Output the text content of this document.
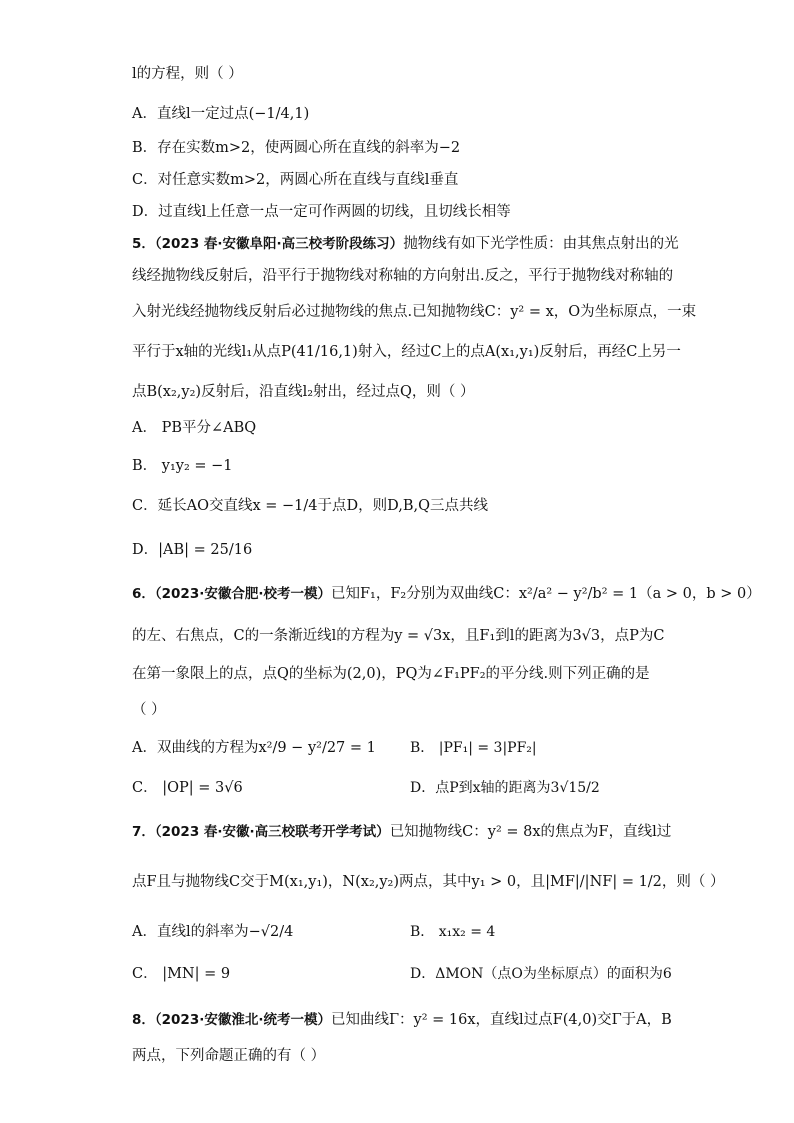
l的方程，则（ ）
A．直线l一定过点(−1/4,1)
B．存在实数m>2，使两圆心所在直线的斜率为−2
C．对任意实数m>2，两圆心所在直线与直线l垂直
D．过直线l上任意一点一定可作两圆的切线，且切线长相等
5．（2023 春·安徽阜阳·高三校考阶段练习）抛物线有如下光学性质：由其焦点射出的光
线经抛物线反射后，沿平行于抛物线对称轴的方向射出.反之，平行于抛物线对称轴的
入射光线经抛物线反射后必过抛物线的焦点.已知抛物线C：y² = x，O为坐标原点，一束
平行于x轴的光线l₁从点P(41/16,1)射入，经过C上的点A(x₁,y₁)反射后，再经C上另一
点B(x₂,y₂)反射后，沿直线l₂射出，经过点Q，则（ ）
A． PB平分∠ABQ
B． y₁y₂ = −1
C．延长AO交直线x = −1/4于点D，则D,B,Q三点共线
D．|AB| = 25/16
6．（2023·安徽合肥·校考一模）已知F₁，F₂分别为双曲线C：x²/a² − y²/b² = 1（a > 0，b > 0）
的左、右焦点，C的一条渐近线l的方程为y = √3x，且F₁到l的距离为3√3，点P为C
在第一象限上的点，点Q的坐标为(2,0)，PQ为∠F₁PF₂的平分线.则下列正确的是
（ ）
A．双曲线的方程为x²/9 − y²/27 = 1 B． |PF₁| = 3|PF₂|
C． |OP| = 3√6	D．点P到x轴的距离为3√15/2
7．（2023 春·安徽·高三校联考开学考试）已知抛物线C：y² = 8x的焦点为F，直线l过
点F且与抛物线C交于M(x₁,y₁)，N(x₂,y₂)两点，其中y₁ > 0，且|MF|/|NF| = 1/2，则（ ）
A．直线l的斜率为−√2/4	B． x₁x₂ = 4
C． |MN| = 9	D．ΔMON（点O为坐标原点）的面积为6
8．（2023·安徽淮北·统考一模）已知曲线Γ：y² = 16x，直线l过点F(4,0)交Γ于A，B
两点，下列命题正确的有（ ）
